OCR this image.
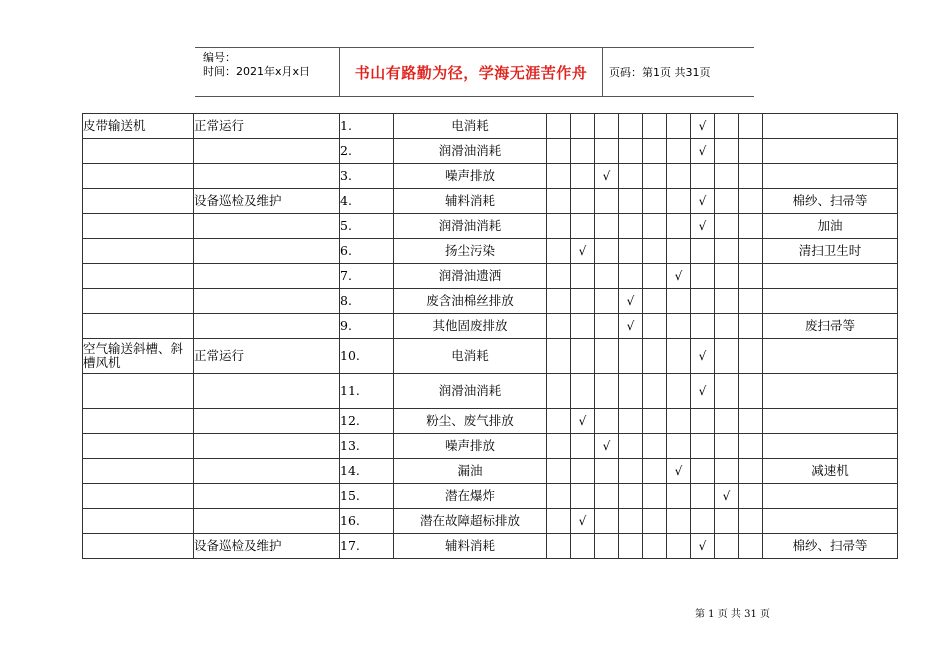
编号：
时间：2021年x月x日	书山有路勤为径，学海无涯苦作舟	页码：第1页 共31页
皮带输送机	正常运行	1.	电消耗							√			
		2.	润滑油消耗							√			
		3.	噪声排放			√							
	设备巡检及维护	4.	辅料消耗							√			棉纱、扫帚等
		5.	润滑油消耗							√			加油
		6.	扬尘污染		√								清扫卫生时
		7.	润滑油遗洒						√				
		8.	废含油棉丝排放				√						
		9.	其他固废排放				√						废扫帚等
空气输送斜槽、斜槽风机	正常运行	10.	电消耗							√			
		11.	润滑油消耗							√			
		12.	粉尘、废气排放		√								
		13.	噪声排放			√							
		14.	漏油						√				减速机
		15.	潜在爆炸								√		
		16.	潜在故障超标排放		√								
	设备巡检及维护	17.	辅料消耗							√			棉纱、扫帚等
第 1 页 共 31 页
